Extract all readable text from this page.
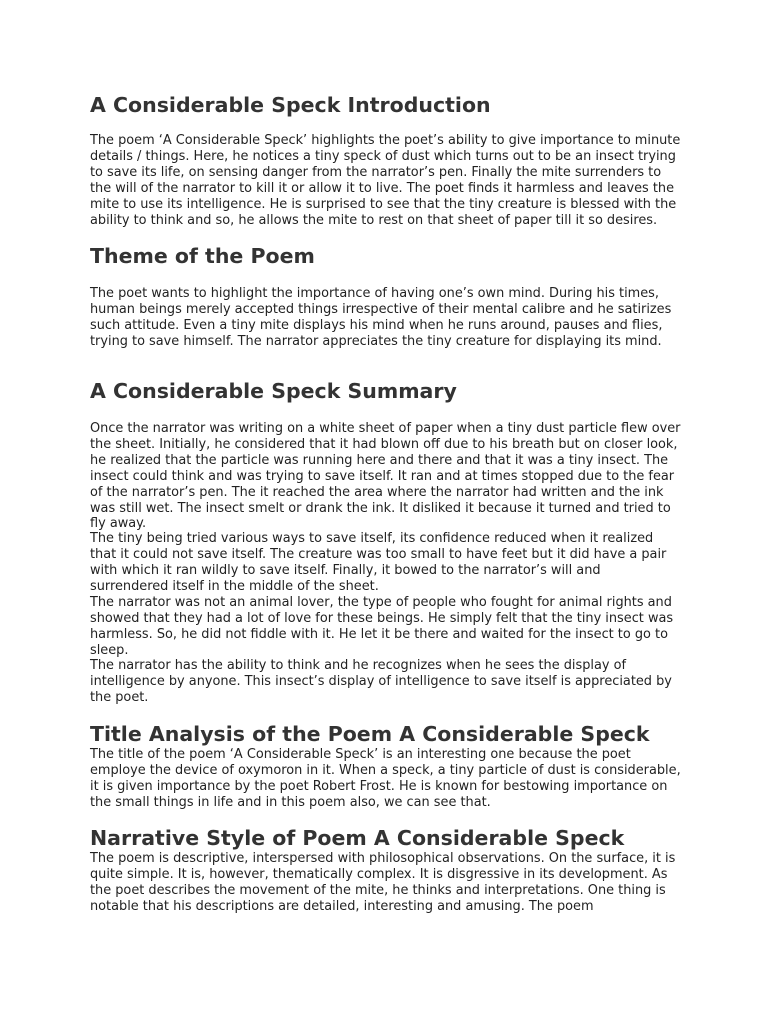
A Considerable Speck Introduction

The poem ‘A Considerable Speck’ highlights the poet’s ability to give importance to minute details / things. Here, he notices a tiny speck of dust which turns out to be an insect trying to save its life, on sensing danger from the narrator’s pen. Finally the mite surrenders to the will of the narrator to kill it or allow it to live. The poet finds it harmless and leaves the mite to use its intelligence. He is surprised to see that the tiny creature is blessed with the ability to think and so, he allows the mite to rest on that sheet of paper till it so desires.

Theme of the Poem

The poet wants to highlight the importance of having one’s own mind. During his times, human beings merely accepted things irrespective of their mental calibre and he satirizes such attitude. Even a tiny mite displays his mind when he runs around, pauses and flies, trying to save himself. The narrator appreciates the tiny creature for displaying its mind.

A Considerable Speck Summary

Once the narrator was writing on a white sheet of paper when a tiny dust particle flew over the sheet. Initially, he considered that it had blown off due to his breath but on closer look, he realized that the particle was running here and there and that it was a tiny insect. The insect could think and was trying to save itself. It ran and at times stopped due to the fear of the narrator’s pen. The it reached the area where the narrator had written and the ink was still wet. The insect smelt or drank the ink. It disliked it because it turned and tried to fly away.

The tiny being tried various ways to save itself, its confidence reduced when it realized that it could not save itself. The creature was too small to have feet but it did have a pair with which it ran wildly to save itself. Finally, it bowed to the narrator’s will and surrendered itself in the middle of the sheet.

The narrator was not an animal lover, the type of people who fought for animal rights and showed that they had a lot of love for these beings. He simply felt that the tiny insect was harmless. So, he did not fiddle with it. He let it be there and waited for the insect to go to sleep.

The narrator has the ability to think and he recognizes when he sees the display of intelligence by anyone. This insect’s display of intelligence to save itself is appreciated by the poet.

Title Analysis of the Poem A Considerable Speck

The title of the poem ‘A Considerable Speck’ is an interesting one because the poet employe the device of oxymoron in it. When a speck, a tiny particle of dust is considerable, it is given importance by the poet Robert Frost. He is known for bestowing importance on the small things in life and in this poem also, we can see that.

Narrative Style of Poem A Considerable Speck

The poem is descriptive, interspersed with philosophical observations. On the surface, it is quite simple. It is, however, thematically complex. It is disgressive in its development. As the poet describes the movement of the mite, he thinks and interpretations. One thing is notable that his descriptions are detailed, interesting and amusing. The poem
